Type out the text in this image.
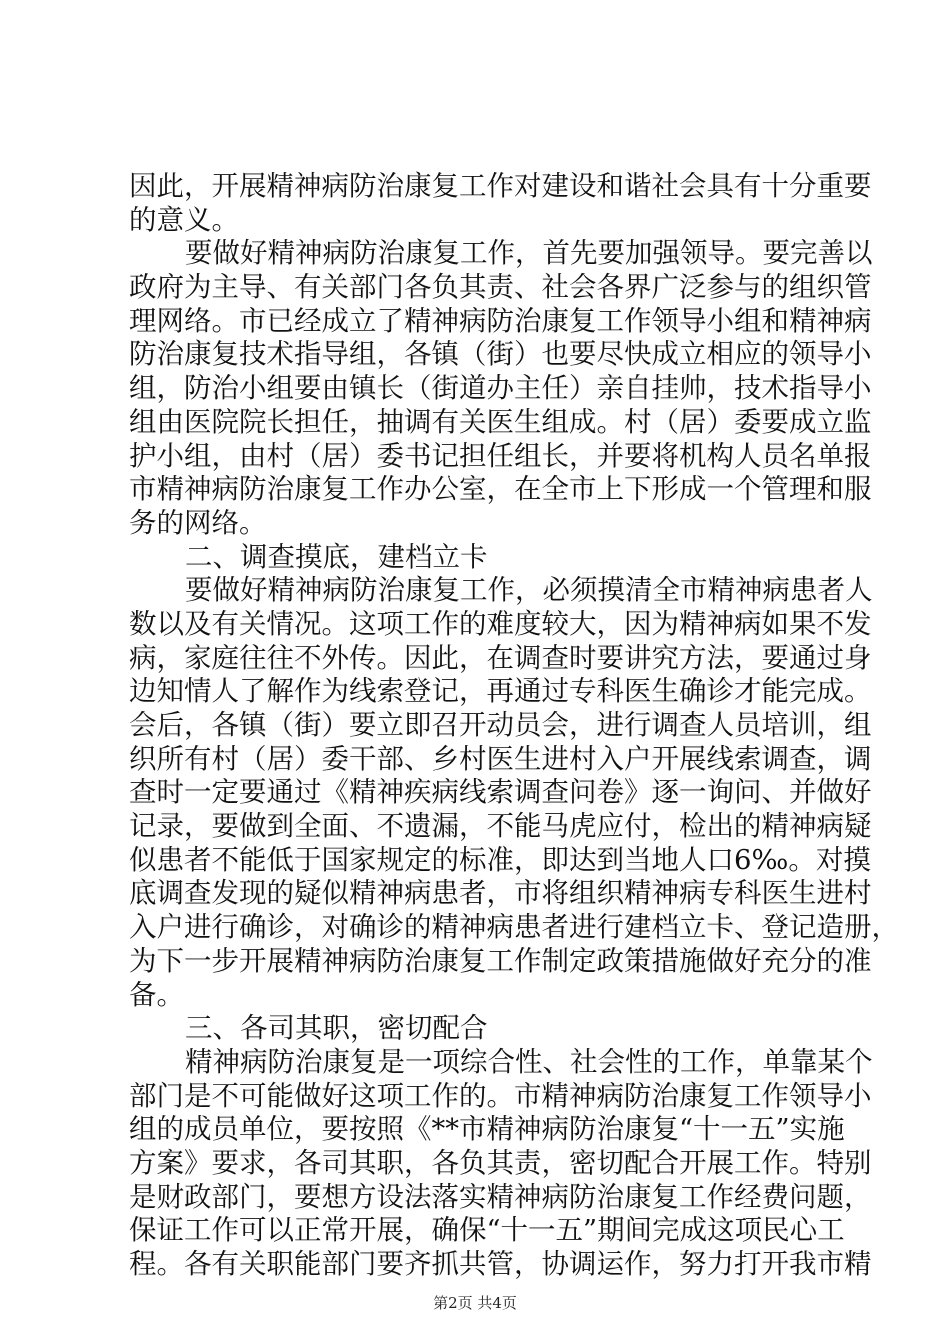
因此，开展精神病防治康复工作对建设和谐社会具有十分重要
的意义。
要做好精神病防治康复工作，首先要加强领导。要完善以
政府为主导、有关部门各负其责、社会各界广泛参与的组织管
理网络。市已经成立了精神病防治康复工作领导小组和精神病
防治康复技术指导组，各镇（街）也要尽快成立相应的领导小
组，防治小组要由镇长（街道办主任）亲自挂帅，技术指导小
组由医院院长担任，抽调有关医生组成。村（居）委要成立监
护小组，由村（居）委书记担任组长，并要将机构人员名单报
市精神病防治康复工作办公室，在全市上下形成一个管理和服
务的网络。
二、调查摸底，建档立卡
要做好精神病防治康复工作，必须摸清全市精神病患者人
数以及有关情况。这项工作的难度较大，因为精神病如果不发
病，家庭往往不外传。因此，在调查时要讲究方法，要通过身
边知情人了解作为线索登记，再通过专科医生确诊才能完成。
会后，各镇（街）要立即召开动员会，进行调查人员培训，组
织所有村（居）委干部、乡村医生进村入户开展线索调查，调
查时一定要通过《精神疾病线索调查问卷》逐一询问、并做好
记录，要做到全面、不遗漏，不能马虎应付，检出的精神病疑
似患者不能低于国家规定的标准，即达到当地人口6‰。对摸
底调查发现的疑似精神病患者，市将组织精神病专科医生进村
入户进行确诊，对确诊的精神病患者进行建档立卡、登记造册，
为下一步开展精神病防治康复工作制定政策措施做好充分的准
备。
三、各司其职，密切配合
精神病防治康复是一项综合性、社会性的工作，单靠某个
部门是不可能做好这项工作的。市精神病防治康复工作领导小
组的成员单位，要按照《**市精神病防治康复“十一五”实施
方案》要求，各司其职，各负其责，密切配合开展工作。特别
是财政部门，要想方设法落实精神病防治康复工作经费问题，
保证工作可以正常开展，确保“十一五”期间完成这项民心工
程。各有关职能部门要齐抓共管，协调运作，努力打开我市精
第2页 共4页
